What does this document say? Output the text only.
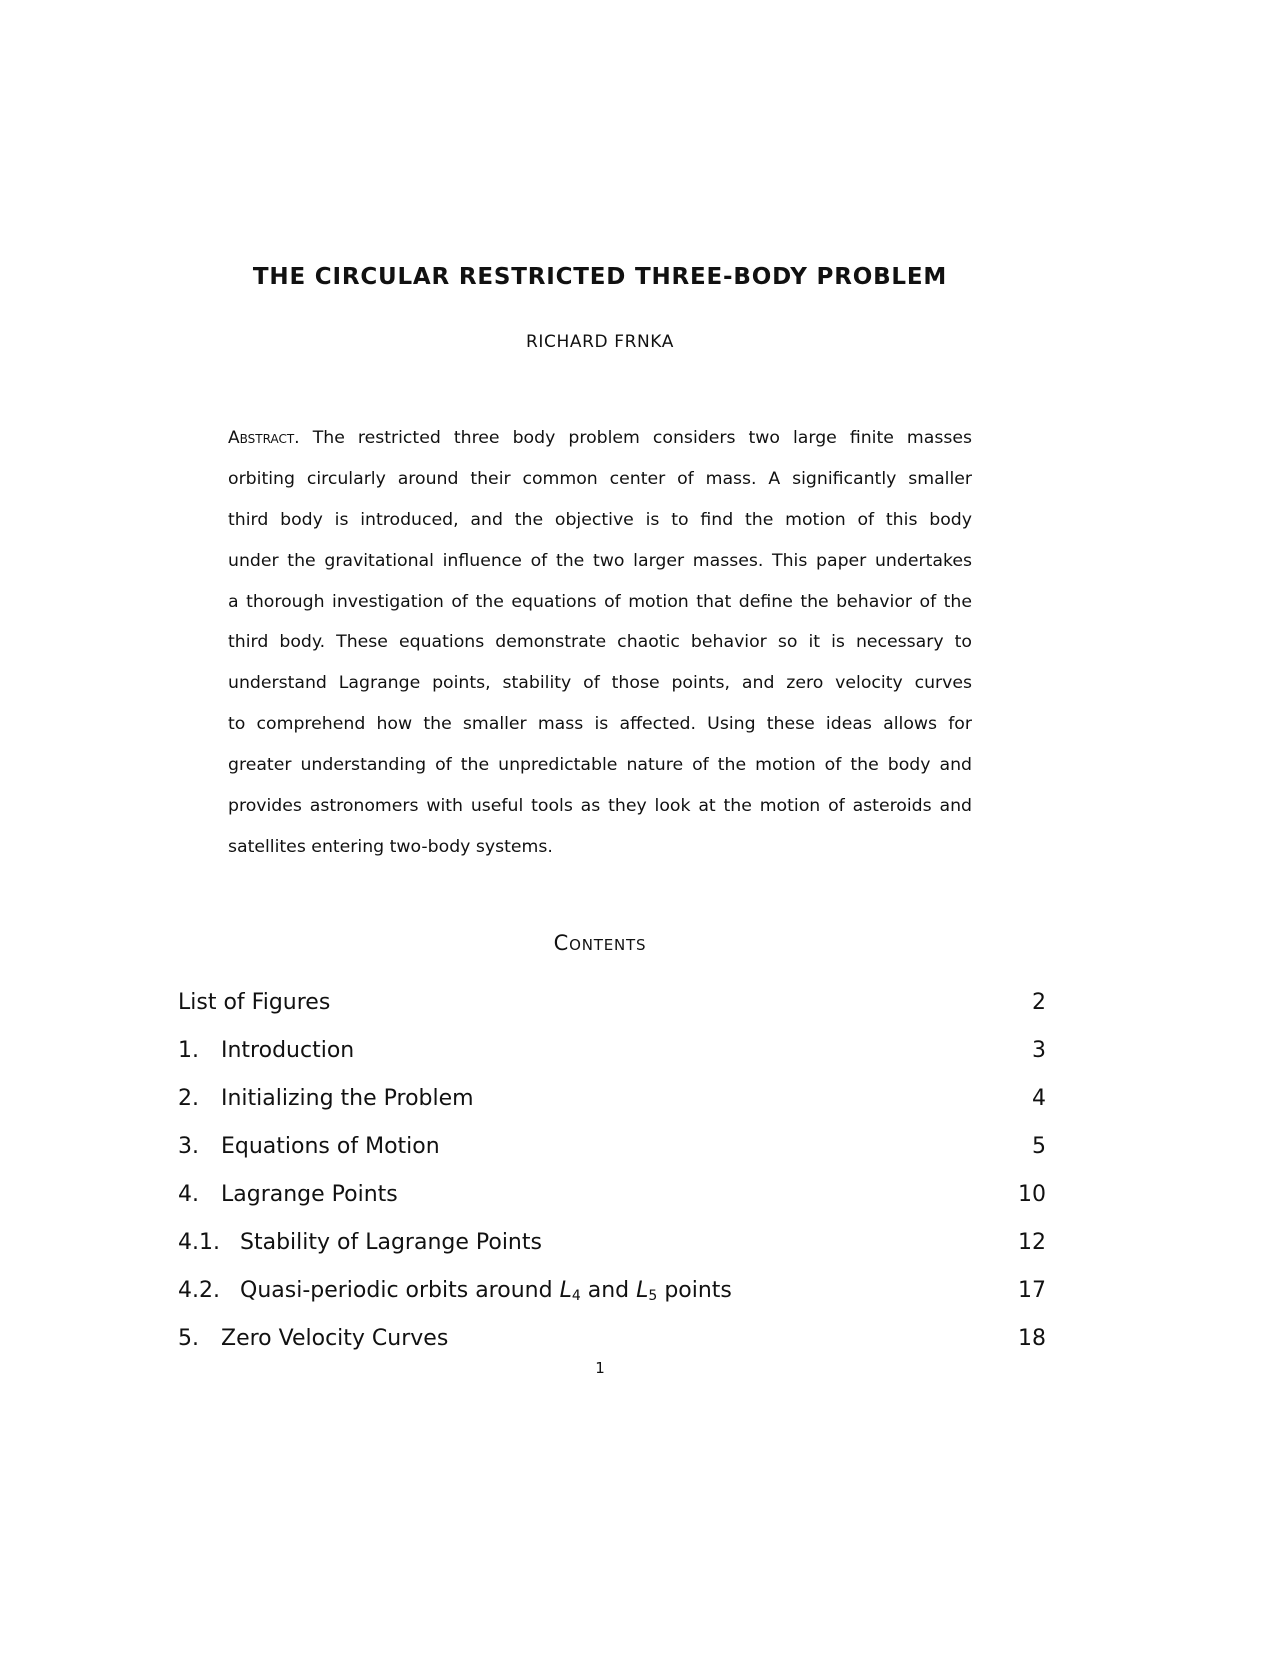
THE CIRCULAR RESTRICTED THREE-BODY PROBLEM
RICHARD FRNKA
Abstract. The restricted three body problem considers two large finite masses
orbiting circularly around their common center of mass. A significantly smaller
third body is introduced, and the objective is to find the motion of this body
under the gravitational influence of the two larger masses. This paper undertakes
a thorough investigation of the equations of motion that define the behavior of the
third body. These equations demonstrate chaotic behavior so it is necessary to
understand Lagrange points, stability of those points, and zero velocity curves
to comprehend how the smaller mass is affected. Using these ideas allows for
greater understanding of the unpredictable nature of the motion of the body and
provides astronomers with useful tools as they look at the motion of asteroids and
satellites entering two-body systems.
Contents
List of Figures	2
1. Introduction	3
2. Initializing the Problem	4
3. Equations of Motion	5
4. Lagrange Points	10
4.1. Stability of Lagrange Points	12
4.2. Quasi-periodic orbits around L4 and L5 points	17
5. Zero Velocity Curves	18
1
